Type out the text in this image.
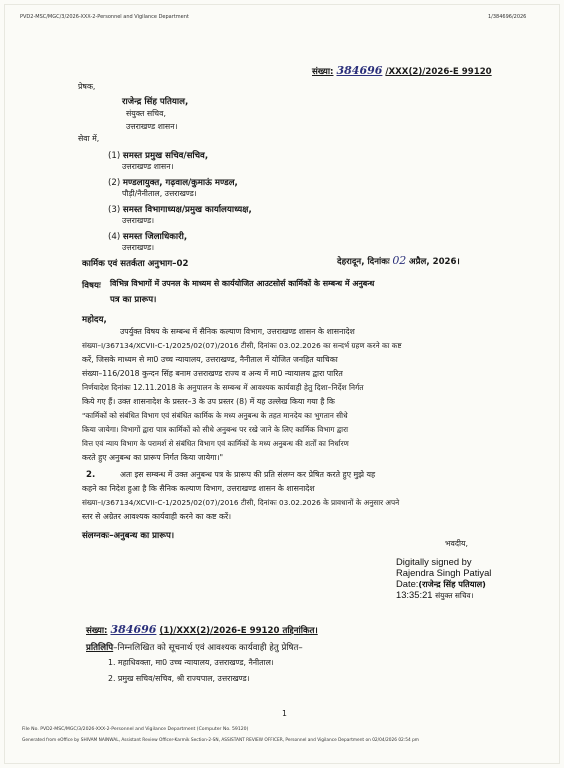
PVD2-MSC/MGC/3/2026-XXX-2-Personnel and Vigilance Department	1/384696/2026
संख्या: 384696 /XXX(2)/2026-E 99120
प्रेषक,
राजेन्द्र सिंह पतियाल,
संयुक्त सचिव,
उत्तराखण्ड शासन।
सेवा में,
(1) समस्त प्रमुख सचिव/सचिव,
उत्तराखण्ड शासन।
(2) मण्डलायुक्त, गढ़वाल/कुमाऊं मण्डल,
पौड़ी/नैनीताल, उत्तराखण्ड।
(3) समस्त विभागाध्यक्ष/प्रमुख कार्यालयाध्यक्ष,
उत्तराखण्ड।
(4) समस्त जिलाधिकारी,
उत्तराखण्ड।
कार्मिक एवं सतर्कता अनुभाग–02	देहरादून, दिनांकः 02 अप्रैल, 2026।
विषयः विभिन्न विभागों में उपनल के माध्यम से कार्ययोजित आउटसोर्स कार्मिकों के सम्बन्ध में अनुबन्ध
पत्र का प्रारूप।
महोदय,
उपर्युक्त विषय के सम्बन्ध में सैनिक कल्याण विभाग, उत्तराखण्ड शासन के शासनादेश
संख्या–I/367134/XCVII-C-1/2025/02(07)/2016 टीसी, दिनांकः 03.02.2026 का सन्दर्भ ग्रहण करने का कष्ट
करें, जिसके माध्यम से मा0 उच्च न्यायालय, उत्तराखण्ड, नैनीताल में योजित जनहित याचिका
संख्या–116/2018 कुन्दन सिंह बनाम उत्तराखण्ड राज्य व अन्य में मा0 न्यायालय द्वारा पारित
निर्णयादेश दिनांकः 12.11.2018 के अनुपालन के सम्बन्ध में आवश्यक कार्यवाही हेतु दिशा–निर्देश निर्गत
किये गए हैं। उक्त शासनादेश के प्रस्तर–3 के उप प्रस्तर (8) में यह उल्लेख किया गया है कि
"कार्मिकों को संबंधित विभाग एवं संबंधित कार्मिक के मध्य अनुबन्ध के तहत मानदेय का भुगतान सीधे
किया जायेगा। विभागों द्वारा पात्र कार्मिकों को सीधे अनुबन्ध पर रखे जाने के लिए कार्मिक विभाग द्वारा
वित्त एवं न्याय विभाग के परामर्श से संबंधित विभाग एवं कार्मिकों के मध्य अनुबन्ध की शर्तों का निर्धारण
करते हुए अनुबन्ध का प्रारूप निर्गत किया जायेगा।"
2.	अतः इस सम्बन्ध में उक्त अनुबन्ध पत्र के प्रारूप की प्रति संलग्न कर प्रेषित करते हुए मुझे यह
कहने का निदेश हुआ है कि सैनिक कल्याण विभाग, उत्तराखण्ड शासन के शासनादेश
संख्या–I/367134/XCVII-C-1/2025/02(07)/2016 टीसी, दिनांकः 03.02.2026 के प्रावधानों के अनुसार अपने
स्तर से अग्रेतर आवश्यक कार्यवाही करने का कष्ट करें।
संलग्नकः–अनुबन्ध का प्रारूप।
भवदीय,
Digitally signed by
Rajendra Singh Patiyal
Date:(राजेन्द्र सिंह पतियाल)
13:35:21 संयुक्त सचिव।
संख्या: 384696 (1)/XXX(2)/2026-E 99120 तद्दिनांकित।
प्रतिलिपि–निम्नलिखित को सूचनार्थ एवं आवश्यक कार्यवाही हेतु प्रेषित–
1. महाधिवक्ता, मा0 उच्च न्यायालय, उत्तराखण्ड, नैनीताल।
2. प्रमुख सचिव/सचिव, श्री राज्यपाल, उत्तराखण्ड।
1
File No. PVD2-MSC/MGC/3/2026-XXX-2-Personnel and Vigilance Department (Computer No. 59120)
Generated from eOffice by SHIVAM NAINWAL, Assistant Review Officer-Karmik Section-2-SN, ASSISTANT REVIEW OFFICER, Personnel and Vigilance Department on 02/04/2026 02:54 pm
